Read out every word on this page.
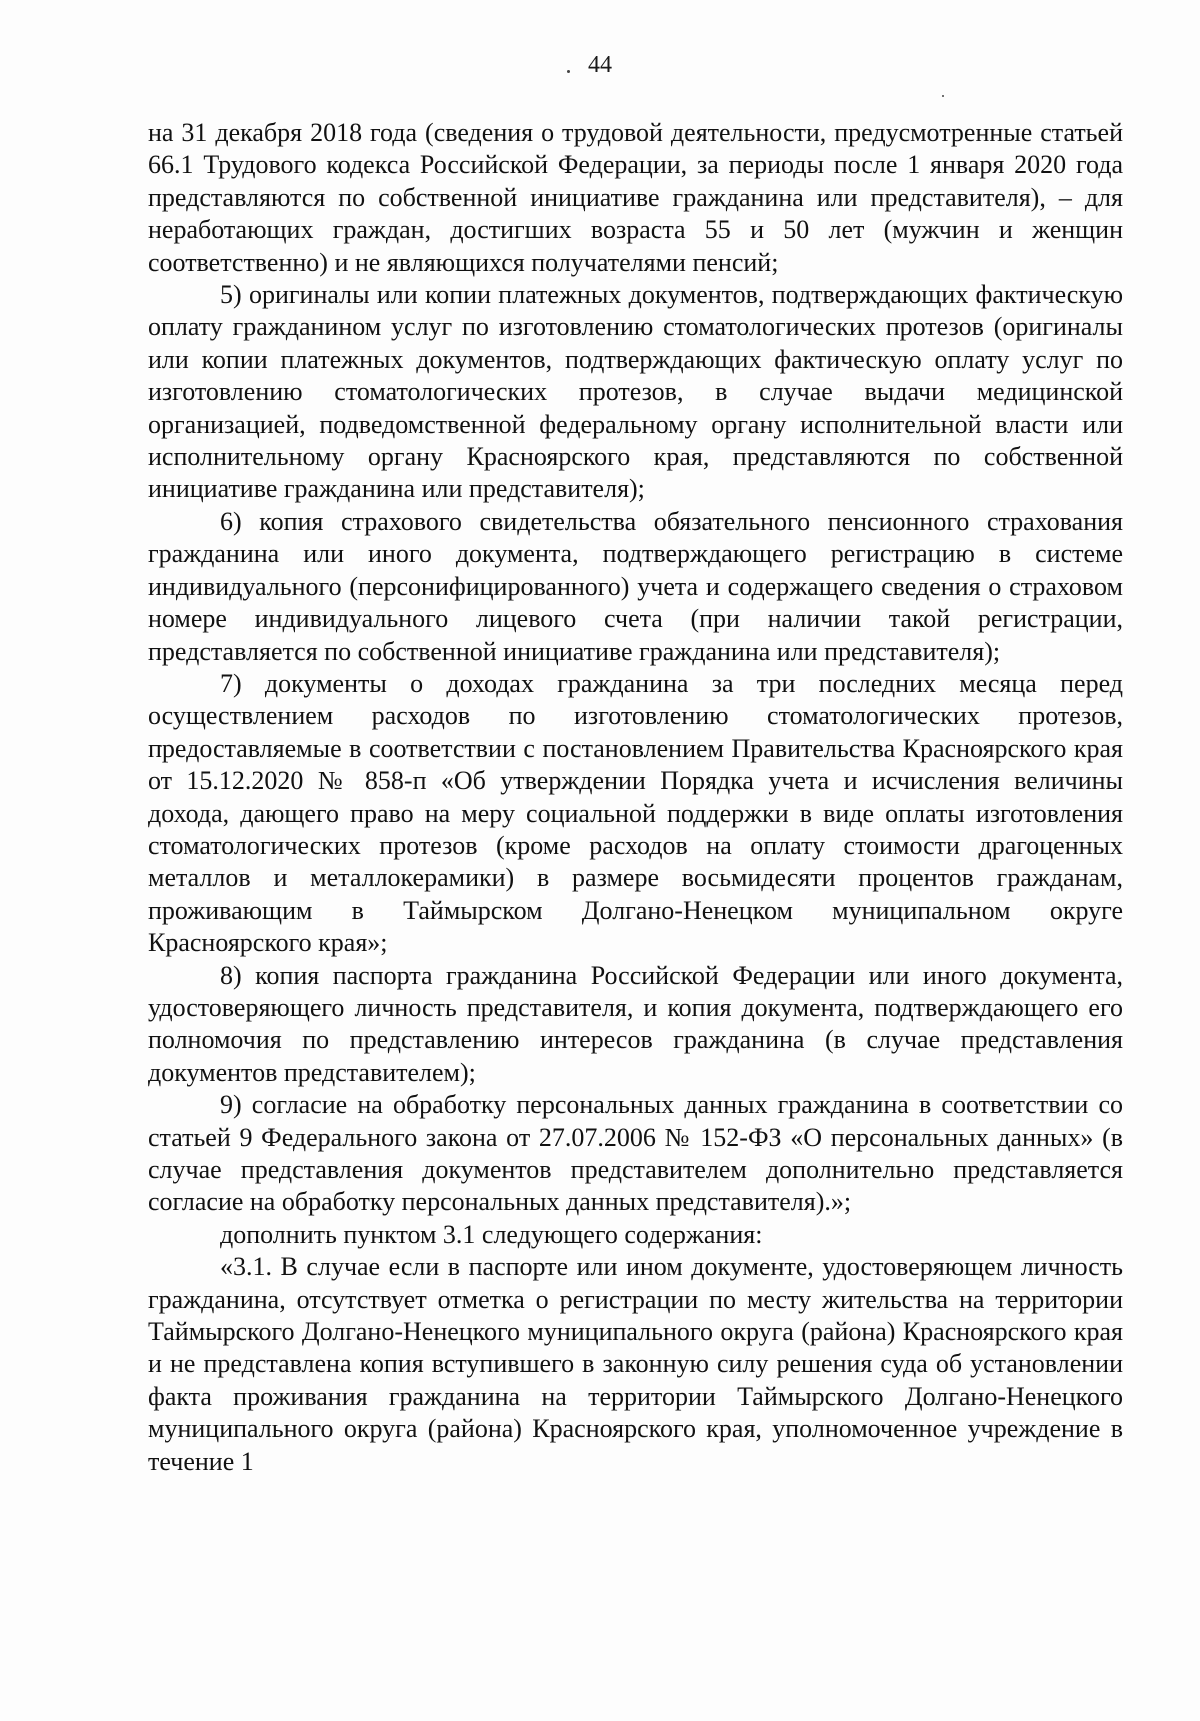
44

на 31 декабря 2018 года (сведения о трудовой деятельности, предусмотренные статьей 66.1 Трудового кодекса Российской Федерации, за периоды после 1 января 2020 года представляются по собственной инициативе гражданина или представителя), – для неработающих граждан, достигших возраста 55 и 50 лет (мужчин и женщин соответственно) и не являющихся получателями пенсий;

5) оригиналы или копии платежных документов, подтверждающих фактическую оплату гражданином услуг по изготовлению стоматологических протезов (оригиналы или копии платежных документов, подтверждающих фактическую оплату услуг по изготовлению стоматологических протезов, в случае выдачи медицинской организацией, подведомственной федеральному органу исполнительной власти или исполнительному органу Красноярского края, представляются по собственной инициативе гражданина или представителя);

6) копия страхового свидетельства обязательного пенсионного страхования гражданина или иного документа, подтверждающего регистрацию в системе индивидуального (персонифицированного) учета и содержащего сведения о страховом номере индивидуального лицевого счета (при наличии такой регистрации, представляется по собственной инициативе гражданина или представителя);

7) документы о доходах гражданина за три последних месяца перед осуществлением расходов по изготовлению стоматологических протезов, предоставляемые в соответствии с постановлением Правительства Красноярского края от 15.12.2020 № 858-п «Об утверждении Порядка учета и исчисления величины дохода, дающего право на меру социальной поддержки в виде оплаты изготовления стоматологических протезов (кроме расходов на оплату стоимости драгоценных металлов и металлокерамики) в размере восьмидесяти процентов гражданам, проживающим в Таймырском Долгано-Ненецком муниципальном округе Красноярского края»;

8) копия паспорта гражданина Российской Федерации или иного документа, удостоверяющего личность представителя, и копия документа, подтверждающего его полномочия по представлению интересов гражданина (в случае представления документов представителем);

9) согласие на обработку персональных данных гражданина в соответствии со статьей 9 Федерального закона от 27.07.2006 № 152-ФЗ «О персональных данных» (в случае представления документов представителем дополнительно представляется согласие на обработку персональных данных представителя).»;

дополнить пунктом 3.1 следующего содержания:

«3.1. В случае если в паспорте или ином документе, удостоверяющем личность гражданина, отсутствует отметка о регистрации по месту жительства на территории Таймырского Долгано-Ненецкого муниципального округа (района) Красноярского края и не представлена копия вступившего в законную силу решения суда об установлении факта проживания гражданина на территории Таймырского Долгано-Ненецкого муниципального округа (района) Красноярского края, уполномоченное учреждение в течение 1
